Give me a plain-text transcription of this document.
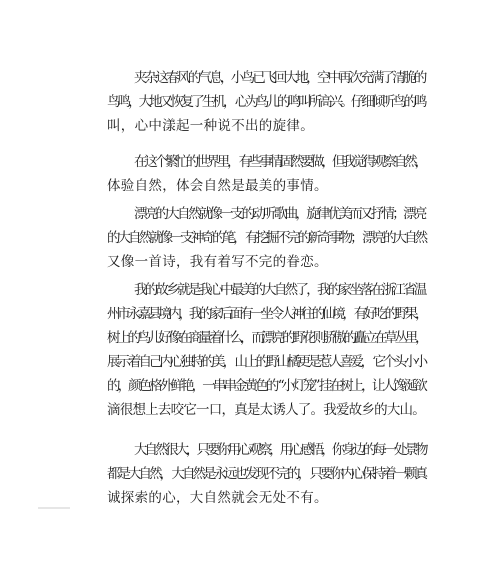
夹杂这春风的气息，小鸟已飞回大地，空中再次充满了清脆的
鸟鸣，大地又恢复了生机， 心为鸟儿的鸣叫所高兴。仔细倾听鸟的鸣
叫，心中漾起一种说不出的旋律。
在这个繁忙的世界里， 有些事情固然要做，但我觉得观察自然，
体验自然，体会自然是最美的事情。
漂亮的大自然就像一支的动听歌曲，旋律优美而又抒情；漂亮
的大自然就像一支神奇的笔， 有挖掘不完的新奇事物； 漂亮的大自然
又像一首诗，我有着写不完的眷恋。
我的故乡就是我心中最美的大自然了，我的家坐落在浙江省温
州市永嘉县境内，我的家后面有一坐令人神往的仙境， 有好吃的野果，
树上的鸟儿好像在商量着什么， 而漂亮的野花则骄傲的矗立在草丛里，
展示着自己内心独特的美， 山上的野山橘更是惹人喜爱， 它个头小小
的，颜色格外鲜艳，一串串金黄色的 “小灯笼” 挂在树上，让人馋涎欲
滴很想上去咬它一口，真是太诱人了。我爱故乡的大山。
大自然很大，只要你用心观察，用心感悟，你身边的每一处景物
都是大自然， 大自然是永远也发现不完的， 只要你内心保持着一颗真
诚探索的心，大自然就会无处不有。
